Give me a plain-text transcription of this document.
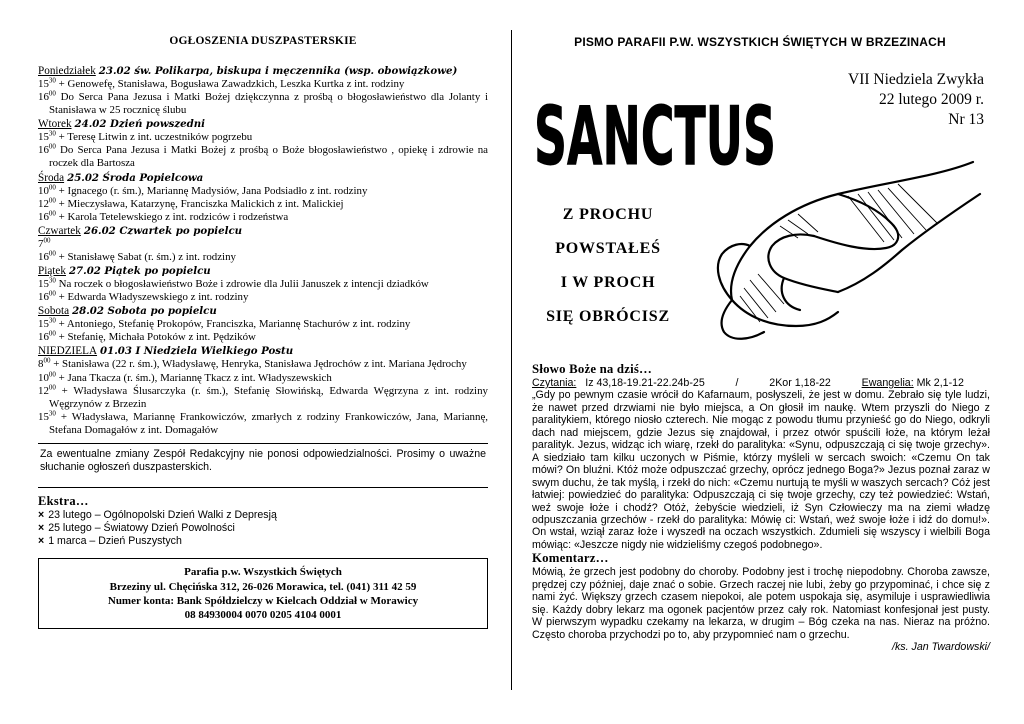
OGŁOSZENIA DUSZPASTERSKIE
Poniedziałek 23.02 św. Polikarpa, biskupa i męczennika (wsp. obowiązkowe)
$15^{30}$ + Genowefę, Stanisława, Bogusława Zawadzkich, Leszka Kurtka z int. rodziny
$16^{00}$ Do Serca Pana Jezusa i Matki Bożej dziękczynna z prośbą o błogosławieństwo dla Jolanty i Stanisława w 25 rocznicę ślubu
Wtorek 24.02 Dzień powszedni
$15^{30}$ + Teresę Litwin z int. uczestników pogrzebu
$16^{00}$ Do Serca Pana Jezusa i Matki Bożej z prośbą o Boże błogosławieństwo , opiekę i zdrowie na roczek dla Bartosza
Środa 25.02 Środa Popielcowa
$10^{00}$ + Ignacego (r. śm.), Mariannę Madysiów, Jana Podsiadło z int. rodziny
$12^{00}$ + Mieczysława, Katarzynę, Franciszka Malickich z int. Malickiej
$16^{00}$ + Karola Tetelewskiego z int. rodziców i rodzeństwa
Czwartek 26.02 Czwartek po popielcu
$7^{00}$
$16^{00}$ + Stanisławę Sabat (r. śm.) z int. rodziny
Piątek 27.02 Piątek po popielcu
$15^{30}$ Na roczek o błogosławieństwo Boże i zdrowie dla Julii Januszek z intencji dziadków
$16^{00}$ + Edwarda Władyszewskiego z int. rodziny
Sobota 28.02 Sobota po popielcu
$15^{30}$ + Antoniego, Stefanię Prokopów, Franciszka, Mariannę Stachurów z int. rodziny
$16^{00}$ + Stefanię, Michała Potoków z int. Pędzików
NIEDZIELA 01.03 I Niedziela Wielkiego Postu
$8^{00}$ + Stanisława (22 r. śm.), Władysławę, Henryka, Stanisława Jędrochów z int. Mariana Jędrochy
$10^{00}$ + Jana Tkacza (r. śm.), Mariannę Tkacz z int. Władyszewskich
$12^{00}$ + Władysława Ślusarczyka (r. śm.), Stefanię Słowińską, Edwarda Węgrzyna z int. rodziny Węgrzynów z Brzezin
$15^{30}$ + Władysława, Mariannę Frankowiczów, zmarłych z rodziny Frankowiczów, Jana, Mariannę, Stefana Domagałów z int. Domagałów
Za ewentualne zmiany Zespół Redakcyjny nie ponosi odpowiedzialności. Prosimy o uważne słuchanie ogłoszeń duszpasterskich.
Ekstra…
× 23 lutego – Ogólnopolski Dzień Walki z Depresją
× 25 lutego – Światowy Dzień Powolności
× 1 marca – Dzień Puszystych
Parafia p.w. Wszystkich Świętych
Brzeziny ul. Chęcińska 312, 26-026 Morawica, tel. (041) 311 42 59
Numer konta: Bank Spółdzielczy w Kielcach Oddział w Morawicy
08 84930004 0070 0205 4104 0001
PISMO PARAFII P.W. WSZYSTKICH ŚWIĘTYCH W BRZEZINACH
SANCTUS
VII Niedziela Zwykła
22 lutego 2009 r.
Nr 13
Z PROCHU
POWSTAŁEŚ
I W PROCH
SIĘ OBRÓCISZ
Słowo Boże na dziś…
Czytania: Iz 43,18-19.21-22.24b-25	/	2Kor 1,18-22	Ewangelia: Mk 2,1-12
„Gdy po pewnym czasie wrócił do Kafarnaum, posłyszeli, że jest w domu. Zebrało się tyle ludzi, że nawet przed drzwiami nie było miejsca, a On głosił im naukę. Wtem przyszli do Niego z paralitykiem, którego niosło czterech. Nie mogąc z powodu tłumu przynieść go do Niego, odkryli dach nad miejscem, gdzie Jezus się znajdował, i przez otwór spuścili łoże, na którym leżał paralityk. Jezus, widząc ich wiarę, rzekł do paralityka: «Synu, odpuszczają ci się twoje grzechy». A siedziało tam kilku uczonych w Piśmie, którzy myśleli w sercach swoich: «Czemu On tak mówi? On bluźni. Któż może odpuszczać grzechy, oprócz jednego Boga?» Jezus poznał zaraz w swym duchu, że tak myślą, i rzekł do nich: «Czemu nurtują te myśli w waszych sercach? Cóż jest łatwiej: powiedzieć do paralityka: Odpuszczają ci się twoje grzechy, czy też powiedzieć: Wstań, weź swoje łoże i chodź? Otóż, żebyście wiedzieli, iż Syn Człowieczy ma na ziemi władzę odpuszczania grzechów - rzekł do paralityka: Mówię ci: Wstań, weź swoje łoże i idź do domu!». On wstał, wziął zaraz łoże i wyszedł na oczach wszystkich. Zdumieli się wszyscy i wielbili Boga mówiąc: «Jeszcze nigdy nie widzieliśmy czegoś podobnego».
Komentarz…
Mówią, że grzech jest podobny do choroby. Podobny jest i trochę niepodobny. Choroba zawsze, prędzej czy później, daje znać o sobie. Grzech raczej nie lubi, żeby go przypominać, i chce się z nami żyć. Większy grzech czasem niepokoi, ale potem uspokaja się, asymiluje i usprawiedliwia się. Każdy dobry lekarz ma ogonek pacjentów przez cały rok. Natomiast konfesjonał jest pusty. W pierwszym wypadku czekamy na lekarza, w drugim – Bóg czeka na nas. Nieraz na próżno. Często choroba przychodzi po to, aby przypomnieć nam o grzechu.
/ks. Jan Twardowski/
